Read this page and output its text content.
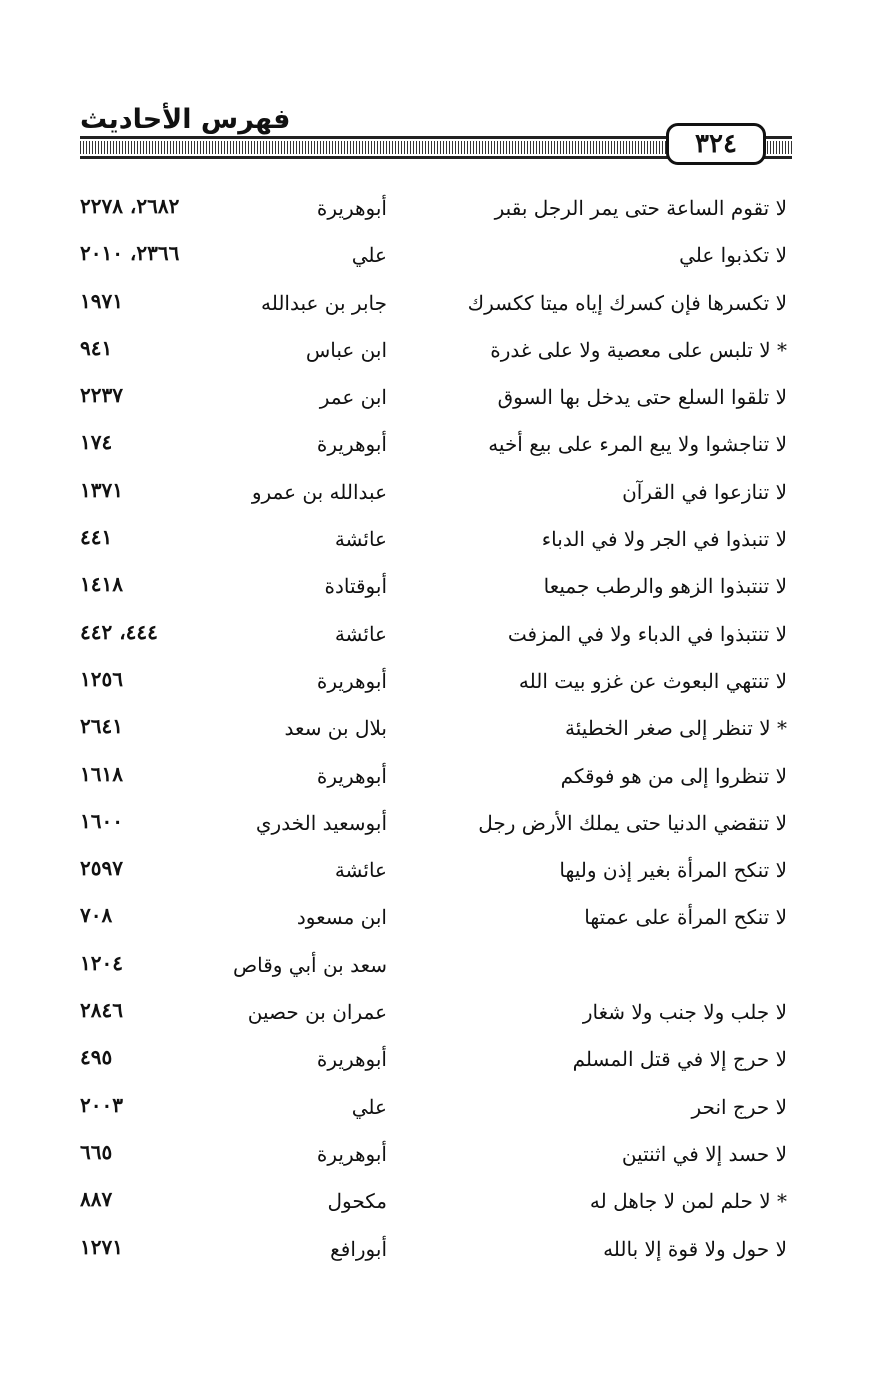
فهرس الأحاديث
٣٢٤
لا تقوم الساعة حتى يمر الرجل بقبر
أبوهريرة
٢٦٨٢، ٢٢٧٨
لا تكذبوا علي
علي
٢٣٦٦، ٢٠١٠
لا تكسرها فإن كسرك إياه ميتا ككسرك
جابر بن عبدالله
١٩٧١
* لا تلبس على معصية ولا على غدرة
ابن عباس
٩٤١
لا تلقوا السلع حتى يدخل بها السوق
ابن عمر
٢٢٣٧
لا تناجشوا ولا يبع المرء على بيع أخيه
أبوهريرة
١٧٤
لا تنازعوا في القرآن
عبدالله بن عمرو
١٣٧١
لا تنبذوا في الجر ولا في الدباء
عائشة
٤٤١
لا تنتبذوا الزهو والرطب جميعا
أبوقتادة
١٤١٨
لا تنتبذوا في الدباء ولا في المزفت
عائشة
٤٤٤، ٤٤٢
لا تنتهي البعوث عن غزو بيت الله
أبوهريرة
١٢٥٦
* لا تنظر إلى صغر الخطيئة
بلال بن سعد
٢٦٤١
لا تنظروا إلى من هو فوقكم
أبوهريرة
١٦١٨
لا تنقضي الدنيا حتى يملك الأرض رجل
أبوسعيد الخدري
١٦٠٠
لا تنكح المرأة بغير إذن وليها
عائشة
٢٥٩٧
لا تنكح المرأة على عمتها
ابن مسعود
٧٠٨
سعد بن أبي وقاص
١٢٠٤
لا جلب ولا جنب ولا شغار
عمران بن حصين
٢٨٤٦
لا حرج إلا في قتل المسلم
أبوهريرة
٤٩٥
لا حرج انحر
علي
٢٠٠٣
لا حسد إلا في اثنتين
أبوهريرة
٦٦٥
* لا حلم لمن لا جاهل له
مكحول
٨٨٧
لا حول ولا قوة إلا بالله
أبورافع
١٢٧١
